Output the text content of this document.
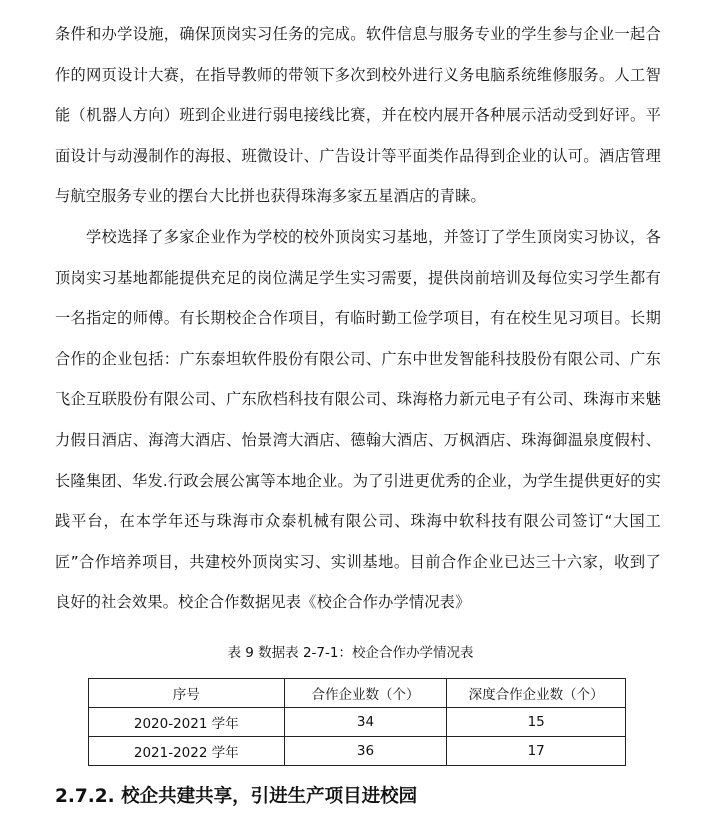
条件和办学设施，确保顶岗实习任务的完成。软件信息与服务专业的学生参与企业一起合作的网页设计大赛，在指导教师的带领下多次到校外进行义务电脑系统维修服务。人工智能（机器人方向）班到企业进行弱电接线比赛，并在校内展开各种展示活动受到好评。平面设计与动漫制作的海报、班微设计、广告设计等平面类作品得到企业的认可。酒店管理与航空服务专业的摆台大比拼也获得珠海多家五星酒店的青睐。

学校选择了多家企业作为学校的校外顶岗实习基地，并签订了学生顶岗实习协议，各顶岗实习基地都能提供充足的岗位满足学生实习需要，提供岗前培训及每位实习学生都有一名指定的师傅。有长期校企合作项目，有临时勤工俭学项目，有在校生见习项目。长期合作的企业包括：广东泰坦软件股份有限公司、广东中世发智能科技股份有限公司、广东飞企互联股份有限公司、广东欣档科技有限公司、珠海格力新元电子有公司、珠海市来魅力假日酒店、海湾大酒店、怡景湾大酒店、德翰大酒店、万枫酒店、珠海御温泉度假村、长隆集团、华发.行政会展公寓等本地企业。为了引进更优秀的企业，为学生提供更好的实践平台，在本学年还与珠海市众泰机械有限公司、珠海中软科技有限公司签订“大国工匠”合作培养项目，共建校外顶岗实习、实训基地。目前合作企业已达三十六家，收到了良好的社会效果。校企合作数据见表《校企合作办学情况表》

表 9 数据表 2-7-1：校企合作办学情况表
序号	合作企业数（个）	深度合作企业数（个）
2020-2021 学年	34	15
2021-2022 学年	36	17
2.7.2. 校企共建共享，引进生产项目进校园
